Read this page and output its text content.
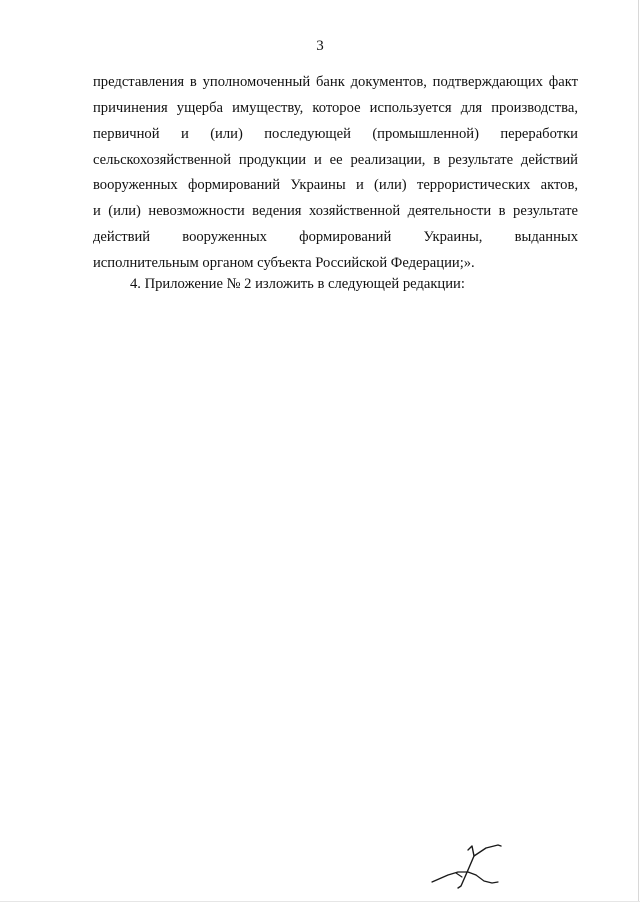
3
представления в уполномоченный банк документов, подтверждающих факт
причинения ущерба имуществу, которое используется для производства,
первичной и (или) последующей (промышленной) переработки
сельскохозяйственной продукции и ее реализации, в результате действий
вооруженных формирований Украины и (или) террористических актов,
и (или) невозможности ведения хозяйственной деятельности в результате
действий вооруженных формирований Украины, выданных
исполнительным органом субъекта Российской Федерации;».
4. Приложение № 2 изложить в следующей редакции:
